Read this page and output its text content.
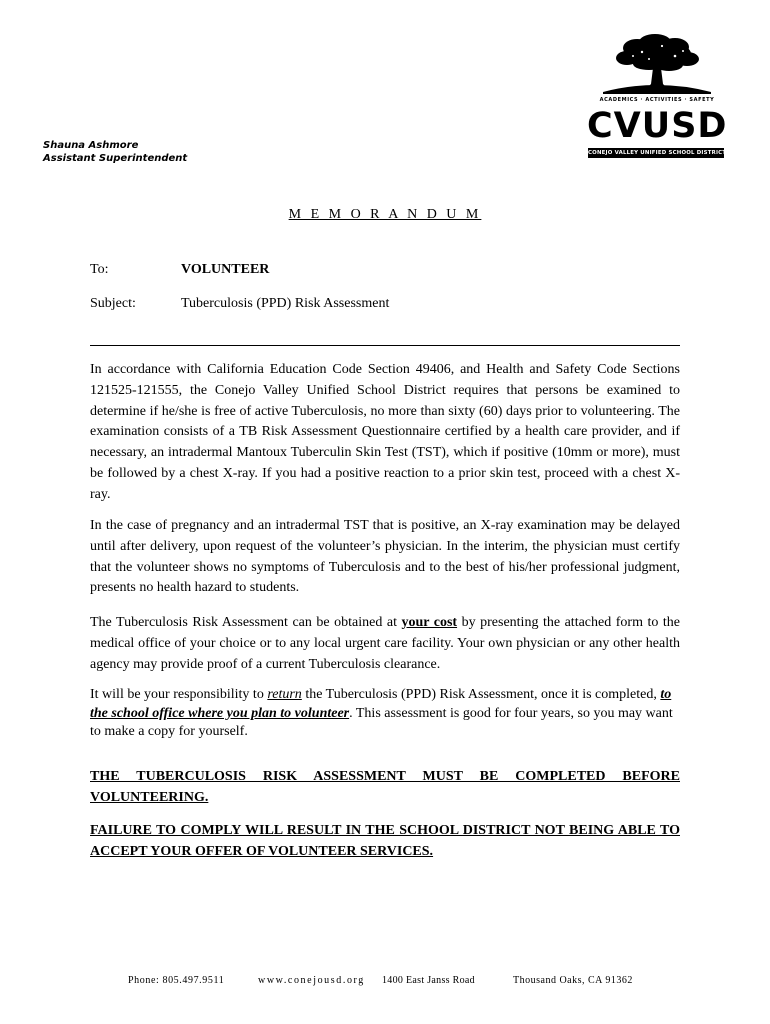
ACADEMICS · ACTIVITIES · SAFETY
CVUSD
CONEJO VALLEY UNIFIED SCHOOL DISTRICT
Shauna Ashmore
Assistant Superintendent
M E M O R A N D U M
To:	VOLUNTEER
Subject:	Tuberculosis (PPD) Risk Assessment

In accordance with California Education Code Section 49406, and Health and Safety Code Sections 121525-121555, the Conejo Valley Unified School District requires that persons be examined to determine if he/she is free of active Tuberculosis, no more than sixty (60) days prior to volunteering. The examination consists of a TB Risk Assessment Questionnaire certified by a health care provider, and if necessary, an intradermal Mantoux Tuberculin Skin Test (TST), which if positive (10mm or more), must be followed by a chest X-ray. If you had a positive reaction to a prior skin test, proceed with a chest X-ray.

In the case of pregnancy and an intradermal TST that is positive, an X-ray examination may be delayed until after delivery, upon request of the volunteer’s physician. In the interim, the physician must certify that the volunteer shows no symptoms of Tuberculosis and to the best of his/her professional judgment, presents no health hazard to students.

The Tuberculosis Risk Assessment can be obtained at your cost by presenting the attached form to the medical office of your choice or to any local urgent care facility. Your own physician or any other health agency may provide proof of a current Tuberculosis clearance.

It will be your responsibility to return the Tuberculosis (PPD) Risk Assessment, once it is completed, to the school office where you plan to volunteer. This assessment is good for four years, so you may want to make a copy for yourself.

THE TUBERCULOSIS RISK ASSESSMENT MUST BE COMPLETED BEFORE VOLUNTEERING.

FAILURE TO COMPLY WILL RESULT IN THE SCHOOL DISTRICT NOT BEING ABLE TO ACCEPT YOUR OFFER OF VOLUNTEER SERVICES.

Phone: 805.497.9511	www.conejousd.org 1400 East Janss Road	Thousand Oaks, CA 91362
